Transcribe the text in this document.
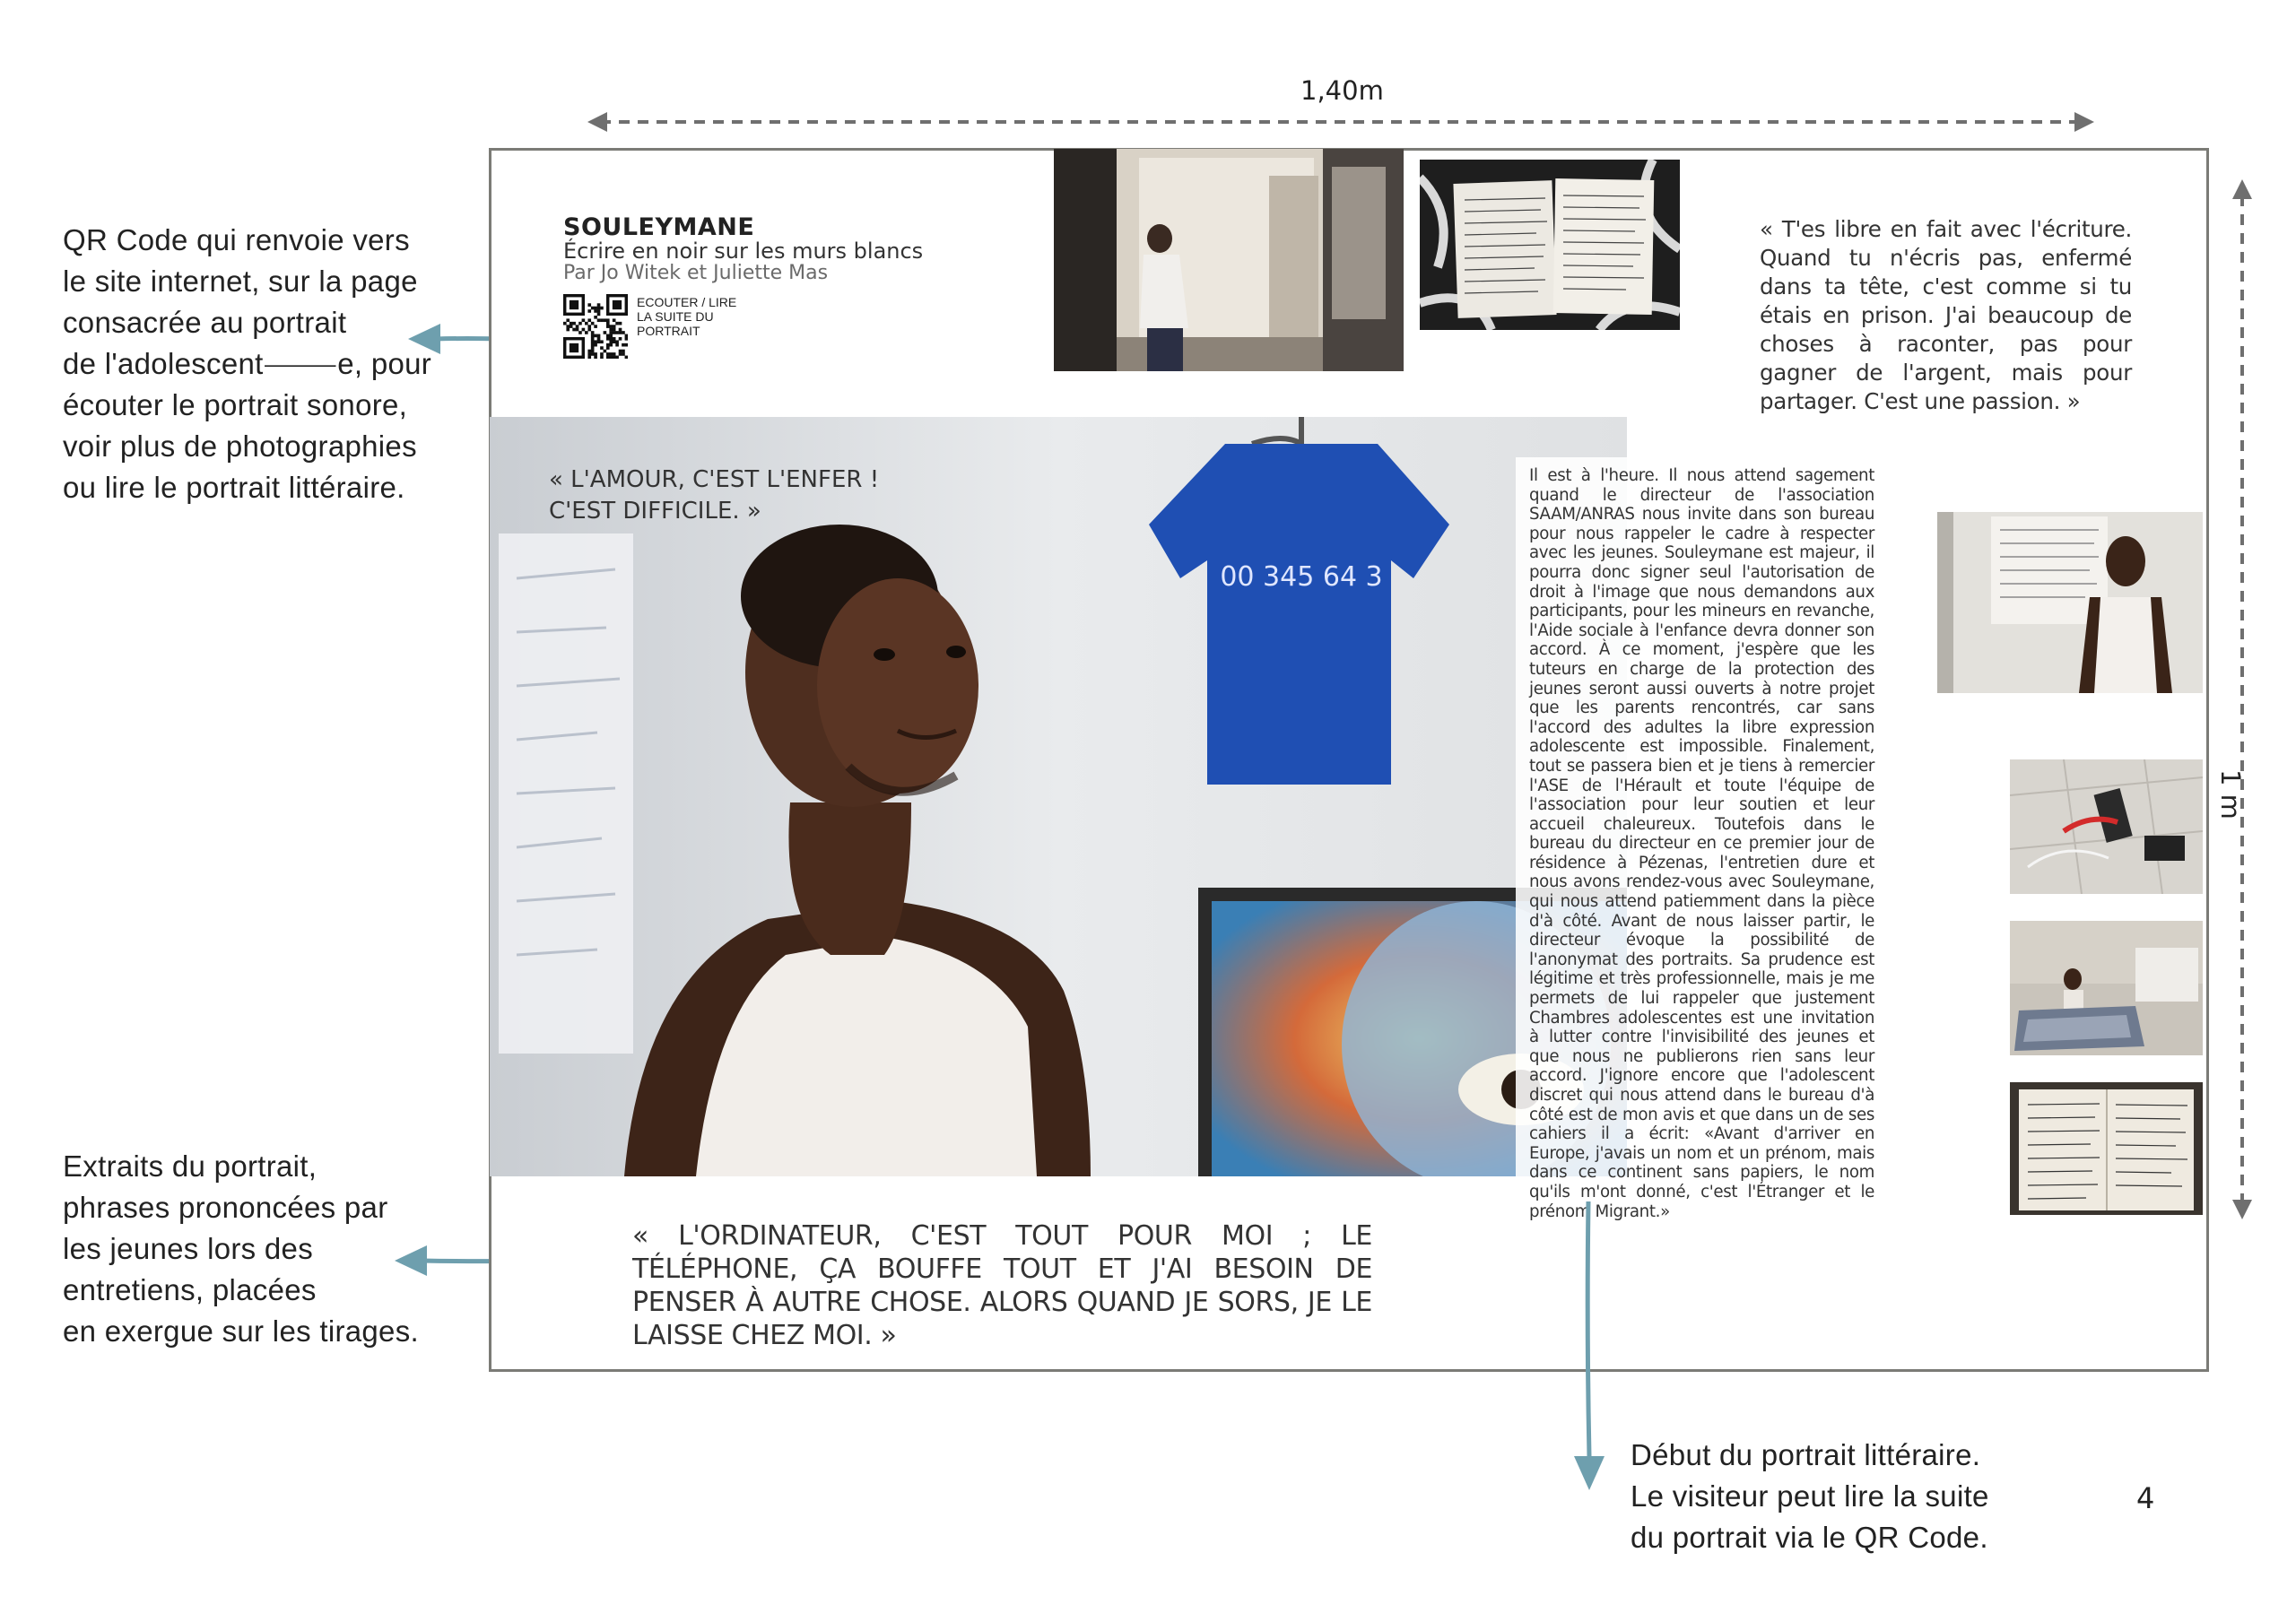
1,40m
1 m
QR Code qui renvoie vers
le site internet, sur la page
consacrée au portrait
de l'adolescent⸻e, pour
écouter le portrait sonore,
voir plus de photographies
ou lire le portrait littéraire.
Extraits du portrait,
phrases prononcées par
les jeunes lors des
entretiens, placées
en exergue sur les tirages.
SOULEYMANE
Écrire en noir sur les murs blancs
Par Jo Witek et Juliette Mas
ECOUTER / LIRE
LA SUITE DU
PORTRAIT
« T'es libre en fait avec l'écriture. Quand tu n'écris pas, enfermé dans ta tête, c'est comme si tu étais en prison. J'ai beaucoup de choses à raconter, pas pour gagner de l'argent, mais pour partager. C'est une passion. »
00 345 64 3
« L'AMOUR, C'EST L'ENFER !
C'EST DIFFICILE. »
Il est à l'heure. Il nous attend sagement quand le directeur de l'association SAAM/ANRAS nous invite dans son bureau pour nous rappeler le cadre à respecter avec les jeunes. Souleymane est majeur, il pourra donc signer seul l'autorisation de droit à l'image que nous demandons aux participants, pour les mineurs en revanche, l'Aide sociale à l'enfance devra donner son accord. À ce moment, j'espère que les tuteurs en charge de la protection des jeunes seront aussi ouverts à notre projet que les parents rencontrés, car sans l'accord des adultes la libre expression adolescente est impossible. Finalement, tout se passera bien et je tiens à remercier l'ASE de l'Hérault et toute l'équipe de l'association pour leur soutien et leur accueil chaleureux. Toutefois dans le bureau du directeur en ce premier jour de résidence à Pézenas, l'entretien dure et nous avons rendez-vous avec Souleymane, qui nous attend patiemment dans la pièce d'à côté. Avant de nous laisser partir, le directeur évoque la possibilité de l'anonymat des portraits. Sa prudence est légitime et très professionnelle, mais je me permets de lui rappeler que justement Chambres adolescentes est une invitation à lutter contre l'invisibilité des jeunes et que nous ne publierons rien sans leur accord. J'ignore encore que l'adolescent discret qui nous attend dans le bureau d'à côté est de mon avis et que dans un de ses cahiers il a écrit: «Avant d'arriver en Europe, j'avais un nom et un prénom, mais dans ce continent sans papiers, le nom qu'ils m'ont donné, c'est l'Étranger et le prénom Migrant.»
« L'ORDINATEUR, C'EST TOUT POUR MOI ; LE TÉLÉPHONE, ÇA BOUFFE TOUT ET J'AI BESOIN DE PENSER À AUTRE CHOSE. ALORS QUAND JE SORS, JE LE LAISSE CHEZ MOI. »
Début du portrait littéraire.
Le visiteur peut lire la suite
du portrait via le QR Code.
4
